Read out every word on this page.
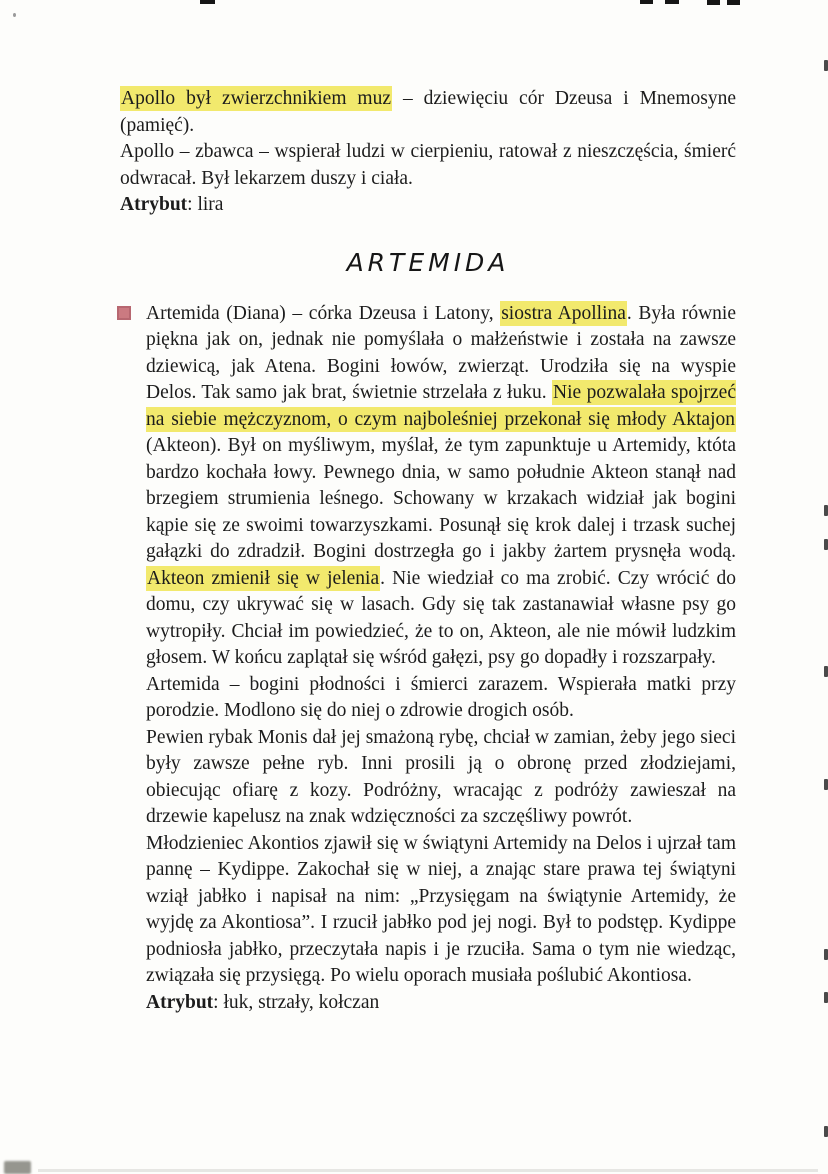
Apollo był zwierzchnikiem muz – dziewięciu cór Dzeusa i Mnemosyne (pamięć).

Apollo – zbawca – wspierał ludzi w cierpieniu, ratował z nieszczęścia, śmierć odwracał. Był lekarzem duszy i ciała.

Atrybut: lira

ARTEMIDA

Artemida (Diana) – córka Dzeusa i Latony, siostra Apollina. Była równie piękna jak on, jednak nie pomyślała o małżeństwie i została na zawsze dziewicą, jak Atena. Bogini łowów, zwierząt. Urodziła się na wyspie Delos. Tak samo jak brat, świetnie strzelała z łuku. Nie pozwalała spojrzeć na siebie mężczyznom, o czym najboleśniej przekonał się młody Aktajon (Akteon). Był on myśliwym, myślał, że tym zapunktuje u Artemidy, któta bardzo kochała łowy. Pewnego dnia, w samo południe Akteon stanął nad brzegiem strumienia leśnego. Schowany w krzakach widział jak bogini kąpie się ze swoimi towarzyszkami. Posunął się krok dalej i trzask suchej gałązki do zdradził. Bogini dostrzegła go i jakby żartem prysnęła wodą. Akteon zmienił się w jelenia. Nie wiedział co ma zrobić. Czy wrócić do domu, czy ukrywać się w lasach. Gdy się tak zastanawiał własne psy go wytropiły. Chciał im powiedzieć, że to on, Akteon, ale nie mówił ludzkim głosem. W końcu zaplątał się wśród gałęzi, psy go dopadły i rozszarpały.

Artemida – bogini płodności i śmierci zarazem. Wspierała matki przy porodzie. Modlono się do niej o zdrowie drogich osób.

Pewien rybak Monis dał jej smażoną rybę, chciał w zamian, żeby jego sieci były zawsze pełne ryb. Inni prosili ją o obronę przed złodziejami, obiecując ofiarę z kozy. Podróżny, wracając z podróży zawieszał na drzewie kapelusz na znak wdzięczności za szczęśliwy powrót.

Młodzieniec Akontios zjawił się w świątyni Artemidy na Delos i ujrzał tam pannę – Kydippe. Zakochał się w niej, a znając stare prawa tej świątyni wziął jabłko i napisał na nim: „Przysięgam na świątynie Artemidy, że wyjdę za Akontiosa”. I rzucił jabłko pod jej nogi. Był to podstęp. Kydippe podniosła jabłko, przeczytała napis i je rzuciła. Sama o tym nie wiedząc, związała się przysięgą. Po wielu oporach musiała poślubić Akontiosa.

Atrybut: łuk, strzały, kołczan
